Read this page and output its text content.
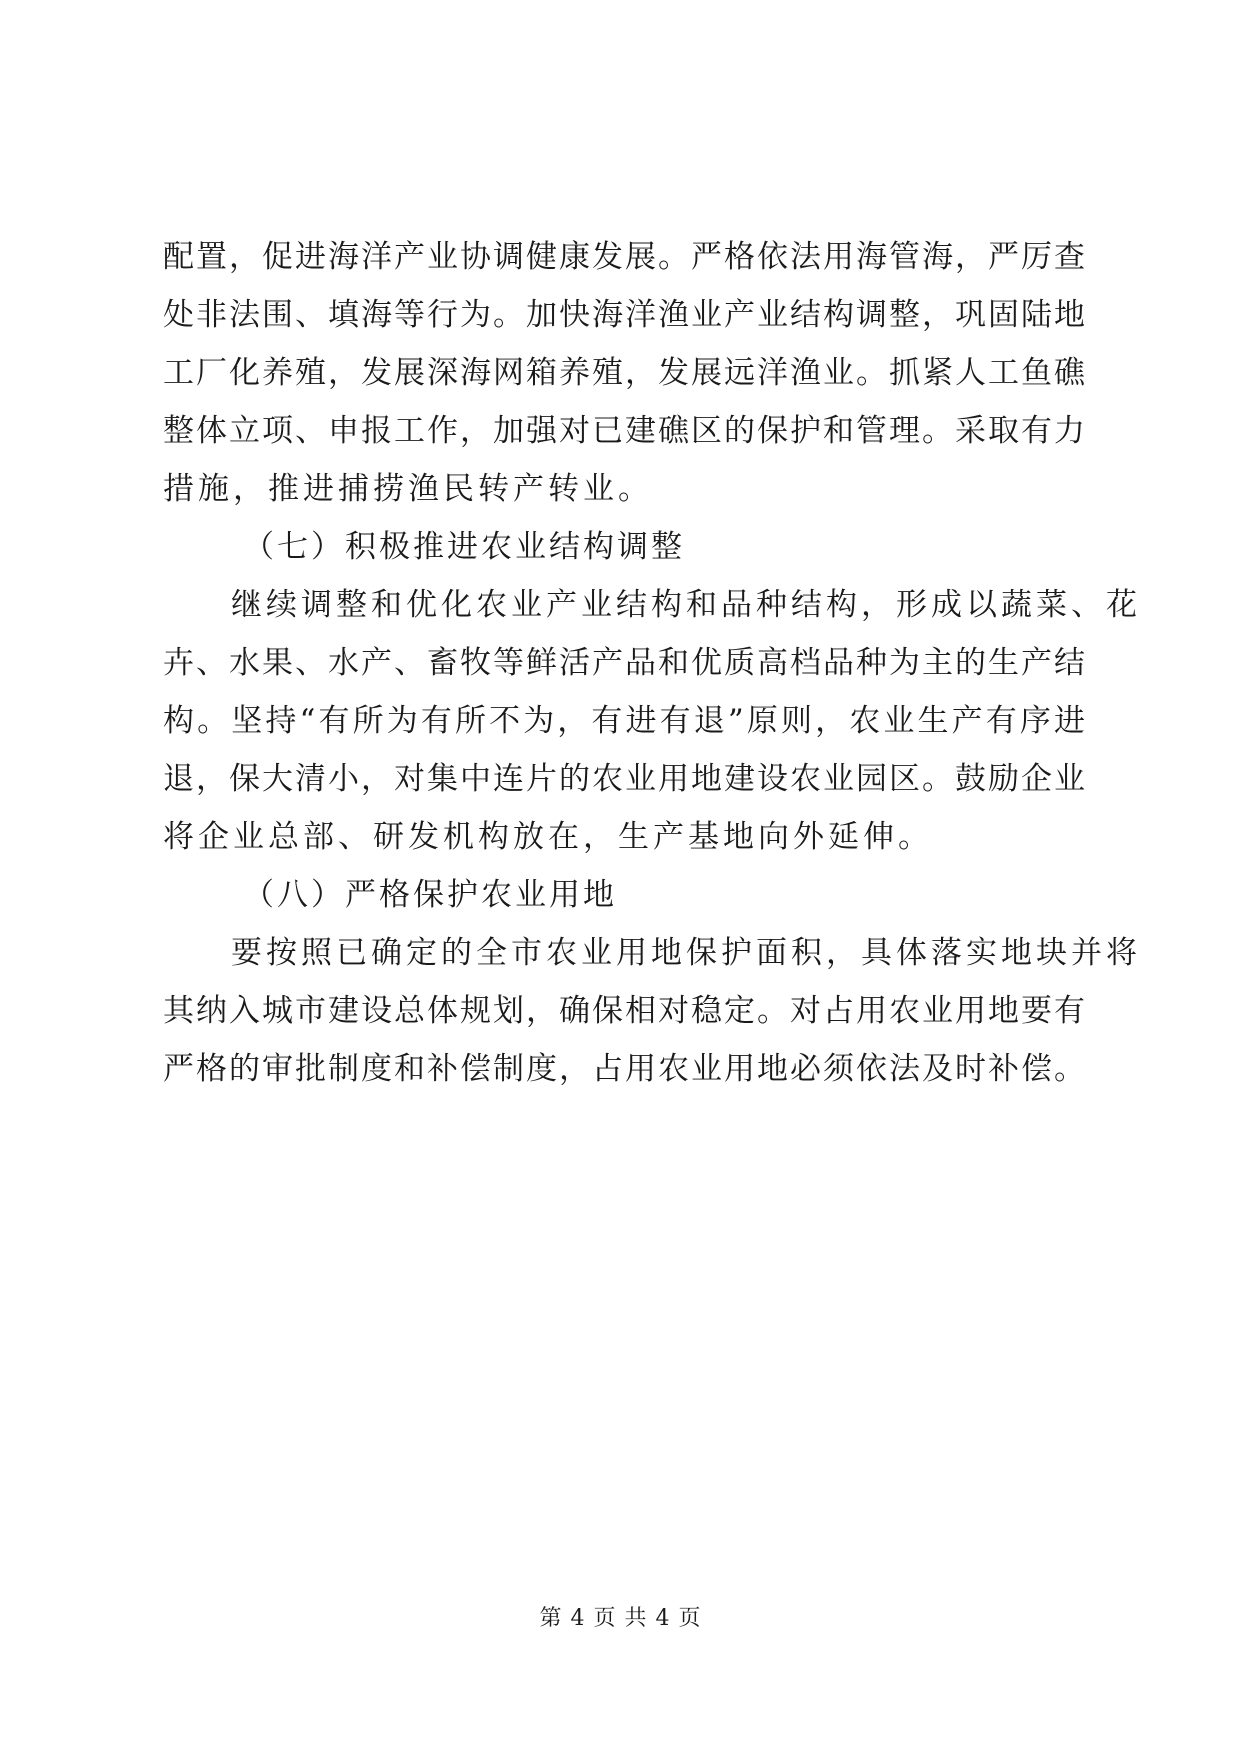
配置，促进海洋产业协调健康发展。严格依法用海管海，严厉查
处非法围、填海等行为。加快海洋渔业产业结构调整，巩固陆地
工厂化养殖，发展深海网箱养殖，发展远洋渔业。抓紧人工鱼礁
整体立项、申报工作，加强对已建礁区的保护和管理。采取有力
措施，推进捕捞渔民转产转业。
（七）积极推进农业结构调整
继续调整和优化农业产业结构和品种结构，形成以蔬菜、花
卉、水果、水产、畜牧等鲜活产品和优质高档品种为主的生产结
构。坚持“有所为有所不为，有进有退”原则，农业生产有序进
退，保大清小，对集中连片的农业用地建设农业园区。鼓励企业
将企业总部、研发机构放在，生产基地向外延伸。
（八）严格保护农业用地
要按照已确定的全市农业用地保护面积，具体落实地块并将
其纳入城市建设总体规划，确保相对稳定。对占用农业用地要有
严格的审批制度和补偿制度，占用农业用地必须依法及时补偿。
第 4 页 共 4 页
